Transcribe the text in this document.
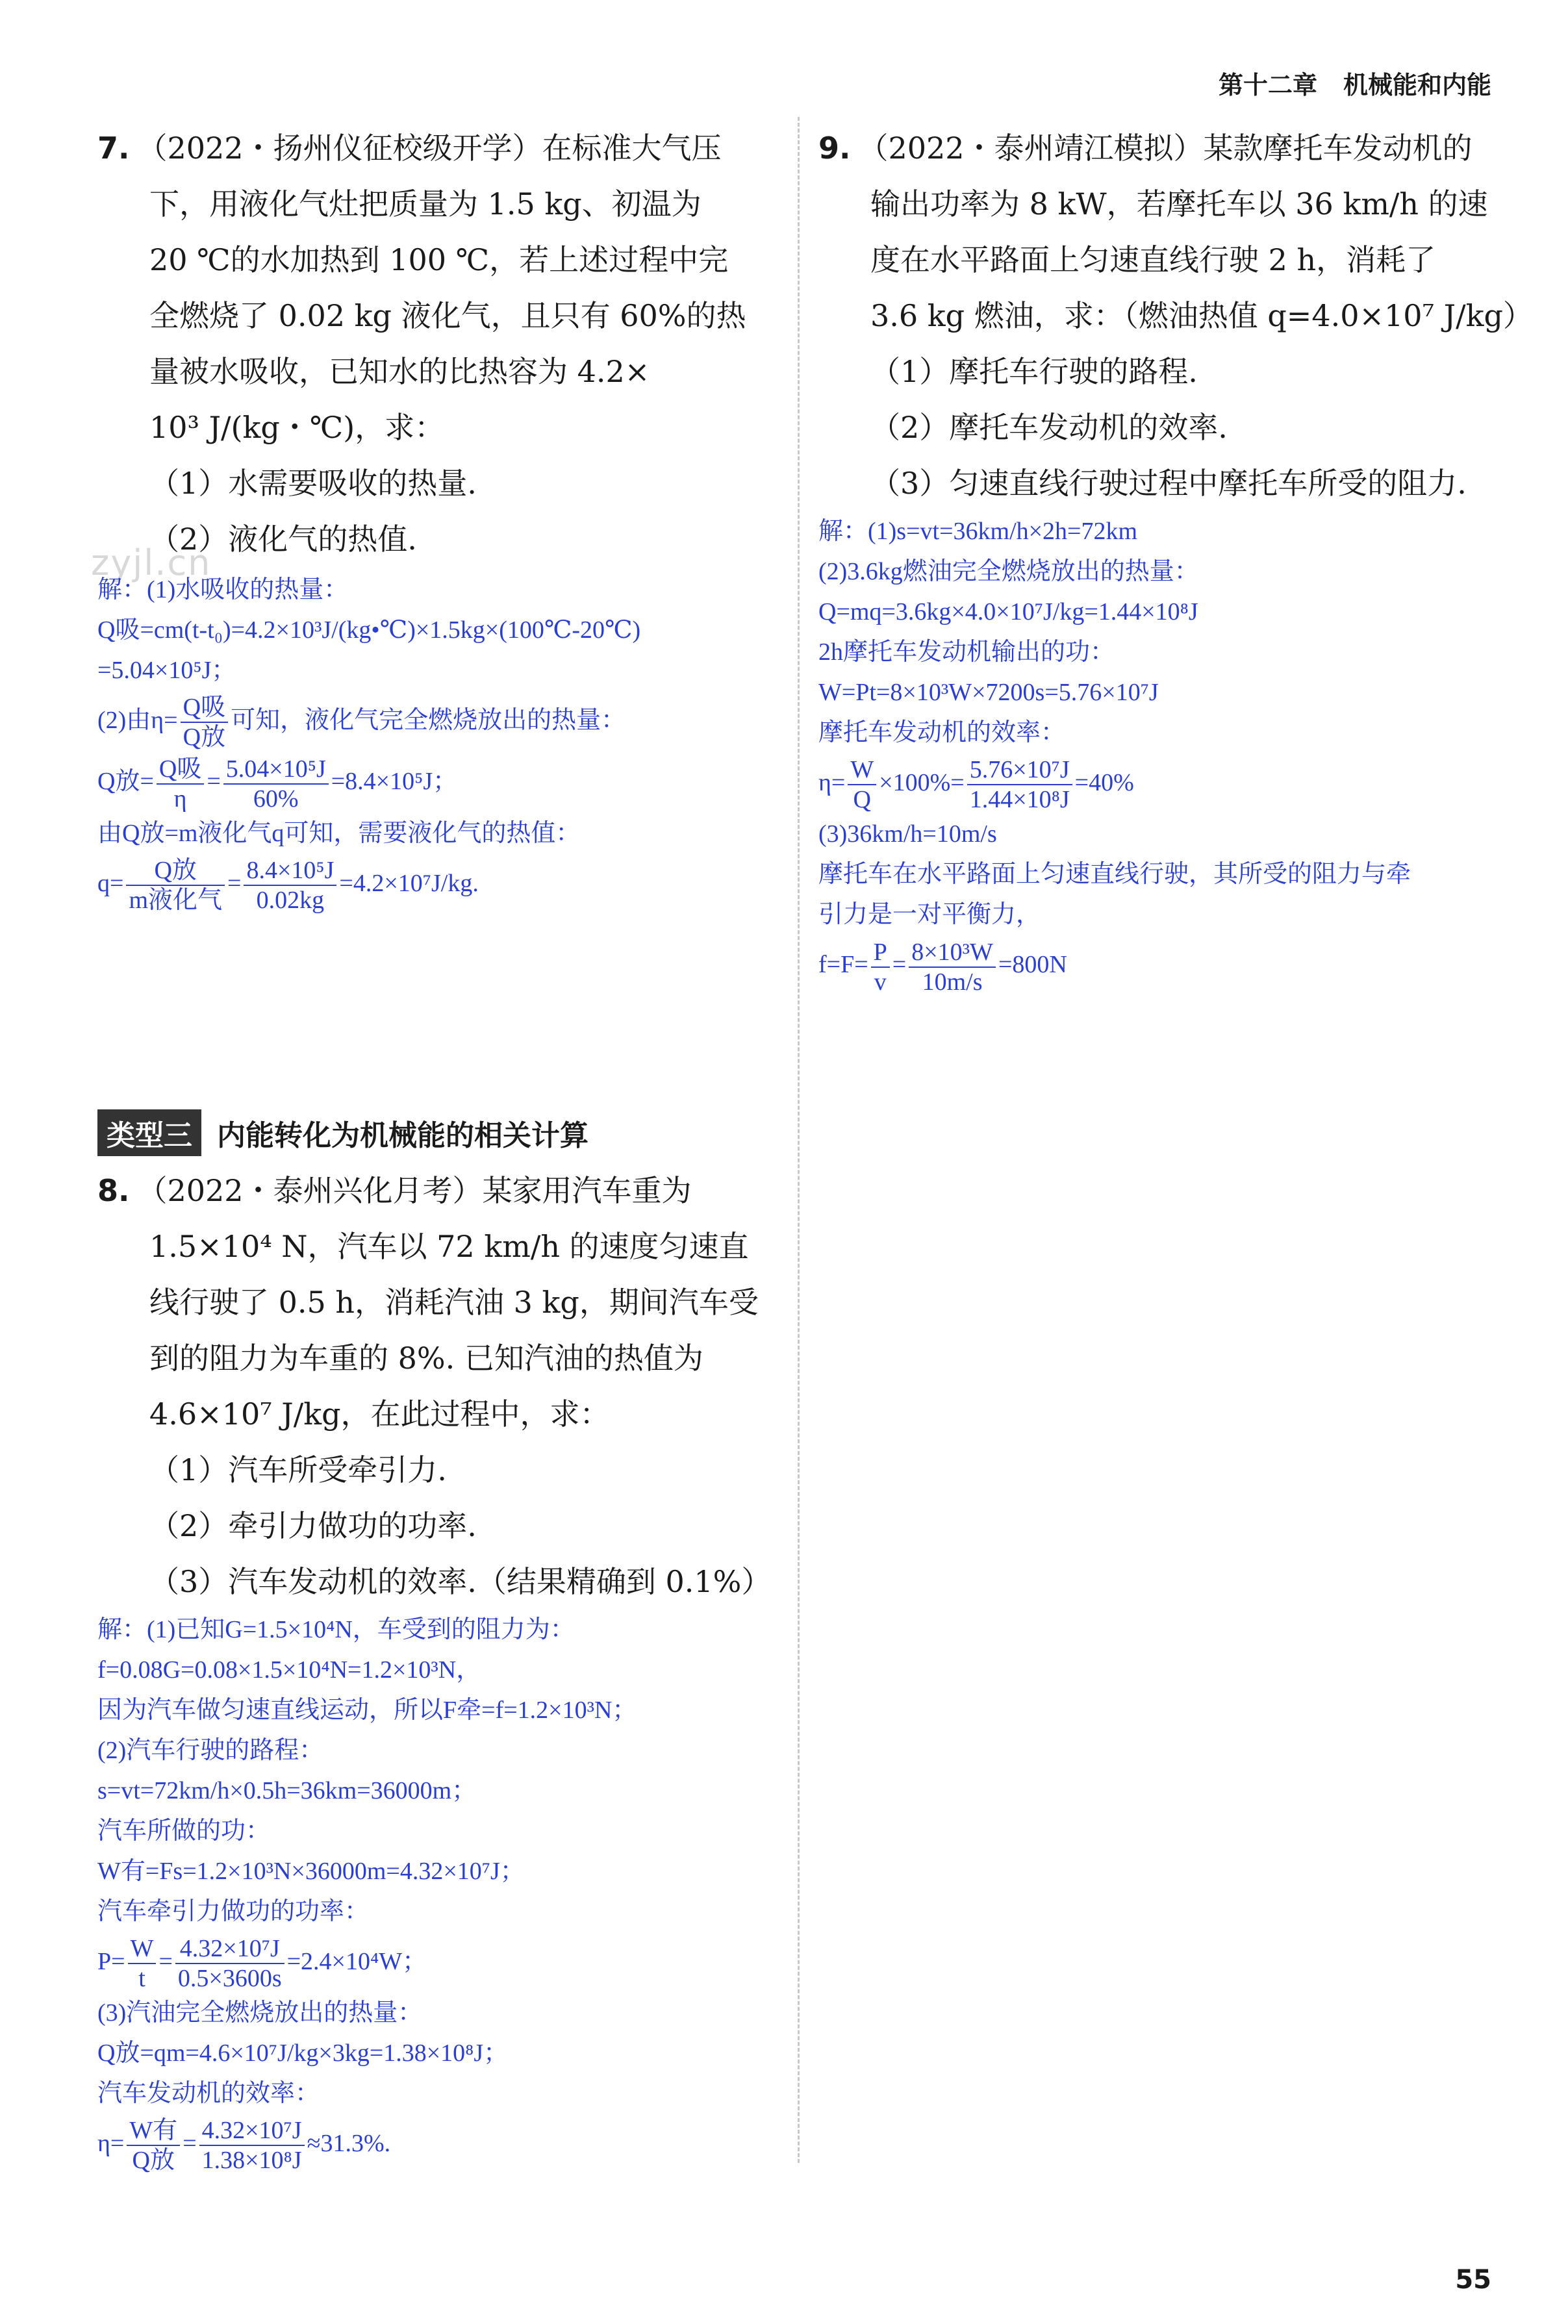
第十二章 机械能和内能
zyjl.cn
7. （2022・扬州仪征校级开学）在标准大气压
下，用液化气灶把质量为 1.5 kg、初温为
20 ℃的水加热到 100 ℃，若上述过程中完
全燃烧了 0.02 kg 液化气，且只有 60%的热
量被水吸收，已知水的比热容为 4.2×
10³ J/(kg・℃)，求：
（1）水需要吸收的热量.
（2）液化气的热值.

解：(1)水吸收的热量：

Q吸=cm(t-t₀)=4.2×10³J/(kg•℃)×1.5kg×(100℃-20℃)

=5.04×10⁵J；

(2)由$\eta= \frac{\text{Q吸}}{\text{Q放}}$ 可知，液化气完全燃烧放出的热量：

Q放= $\frac{\text{Q吸}}{\eta} = \frac{\text{5.04×10⁵J}}{60\%} =8.4\times 10^5J$；

由Q放=m液化气q可知，需要液化气的热值：

$q= \frac{\text{Q放}}{\text{m液化气}} = \frac{\text{8.4×10⁵J}}{0.02kg} =4.2\times 10^7J/kg$.

类型三 内能转化为机械能的相关计算
8. （2022・泰州兴化月考）某家用汽车重为
1.5×10⁴ N，汽车以 72 km/h 的速度匀速直
线行驶了 0.5 h，消耗汽油 3 kg，期间汽车受
到的阻力为车重的 8%. 已知汽油的热值为
4.6×10⁷ J/kg，在此过程中，求：
（1）汽车所受牵引力.
（2）牵引力做功的功率.
（3）汽车发动机的效率.（结果精确到 0.1%）

解：(1)已知G=1.5×10⁴N，车受到的阻力为：

f=0.08G=0.08×1.5×10⁴N=1.2×10³N，

因为汽车做匀速直线运动，所以F牵=f=1.2×10³N；

(2)汽车行驶的路程：

s=vt=72km/h×0.5h=36km=36000m；

汽车所做的功：

W有=Fs=1.2×10³N×36000m=4.32×10⁷J；

汽车牵引力做功的功率：

$P= \frac{W}{t} = \frac{\text{4.32×10⁷J}}{0.5\times 3600s} =2.4\times 10^4W$；

(3)汽油完全燃烧放出的热量：

Q放=qm=4.6×10⁷J/kg×3kg=1.38×10⁸J；

汽车发动机的效率：

$\eta= \frac{\text{W有}}{\text{Q放}} = \frac{\text{4.32×10⁷J}}{\text{1.38×10⁸J}} \approx 31.3\%$.

9. （2022・泰州靖江模拟）某款摩托车发动机的
输出功率为 8 kW，若摩托车以 36 km/h 的速
度在水平路面上匀速直线行驶 2 h，消耗了
3.6 kg 燃油，求：（燃油热值 q=4.0×10⁷ J/kg）
（1）摩托车行驶的路程.
（2）摩托车发动机的效率.
（3）匀速直线行驶过程中摩托车所受的阻力.

解：(1)s=vt=36km/h×2h=72km

(2)3.6kg燃油完全燃烧放出的热量：

Q=mq=3.6kg×4.0×10⁷J/kg=1.44×10⁸J

2h摩托车发动机输出的功：

W=Pt=8×10³W×7200s=5.76×10⁷J

摩托车发动机的效率：

$\eta= \frac{W}{Q} \times 100\%= \frac{\text{5.76×10⁷J}}{\text{1.44×10⁸J}} =40\%$

(3)36km/h=10m/s

摩托车在水平路面上匀速直线行驶，其所受的阻力与牵

引力是一对平衡力，

$f=F= \frac{P}{v} = \frac{\text{8×10³W}}{10m/s} =800N$

55
